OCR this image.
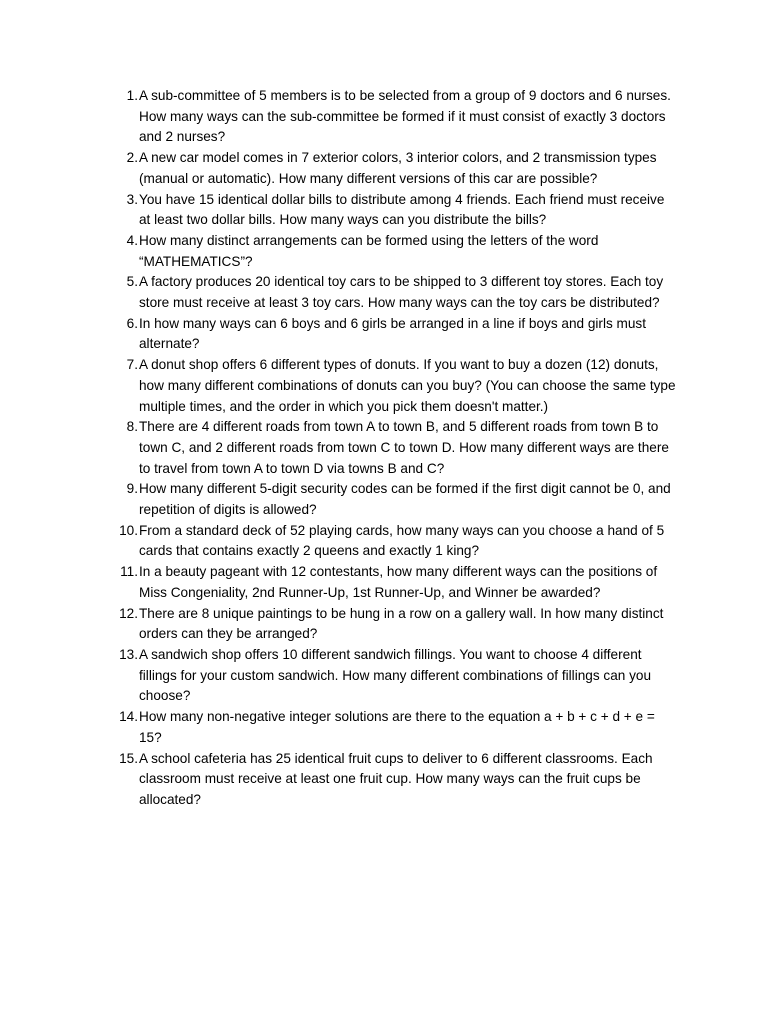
1. A sub-committee of 5 members is to be selected from a group of 9 doctors and 6 nurses. How many ways can the sub-committee be formed if it must consist of exactly 3 doctors and 2 nurses?
2. A new car model comes in 7 exterior colors, 3 interior colors, and 2 transmission types (manual or automatic). How many different versions of this car are possible?
3. You have 15 identical dollar bills to distribute among 4 friends. Each friend must receive at least two dollar bills. How many ways can you distribute the bills?
4. How many distinct arrangements can be formed using the letters of the word “MATHEMATICS”?
5. A factory produces 20 identical toy cars to be shipped to 3 different toy stores. Each toy store must receive at least 3 toy cars. How many ways can the toy cars be distributed?
6. In how many ways can 6 boys and 6 girls be arranged in a line if boys and girls must alternate?
7. A donut shop offers 6 different types of donuts. If you want to buy a dozen (12) donuts, how many different combinations of donuts can you buy? (You can choose the same type multiple times, and the order in which you pick them doesn't matter.)
8. There are 4 different roads from town A to town B, and 5 different roads from town B to town C, and 2 different roads from town C to town D. How many different ways are there to travel from town A to town D via towns B and C?
9. How many different 5-digit security codes can be formed if the first digit cannot be 0, and repetition of digits is allowed?
10. From a standard deck of 52 playing cards, how many ways can you choose a hand of 5 cards that contains exactly 2 queens and exactly 1 king?
11. In a beauty pageant with 12 contestants, how many different ways can the positions of Miss Congeniality, 2nd Runner-Up, 1st Runner-Up, and Winner be awarded?
12. There are 8 unique paintings to be hung in a row on a gallery wall. In how many distinct orders can they be arranged?
13. A sandwich shop offers 10 different sandwich fillings. You want to choose 4 different fillings for your custom sandwich. How many different combinations of fillings can you choose?
14. How many non-negative integer solutions are there to the equation a + b + c + d + e = 15?
15. A school cafeteria has 25 identical fruit cups to deliver to 6 different classrooms. Each classroom must receive at least one fruit cup. How many ways can the fruit cups be allocated?
